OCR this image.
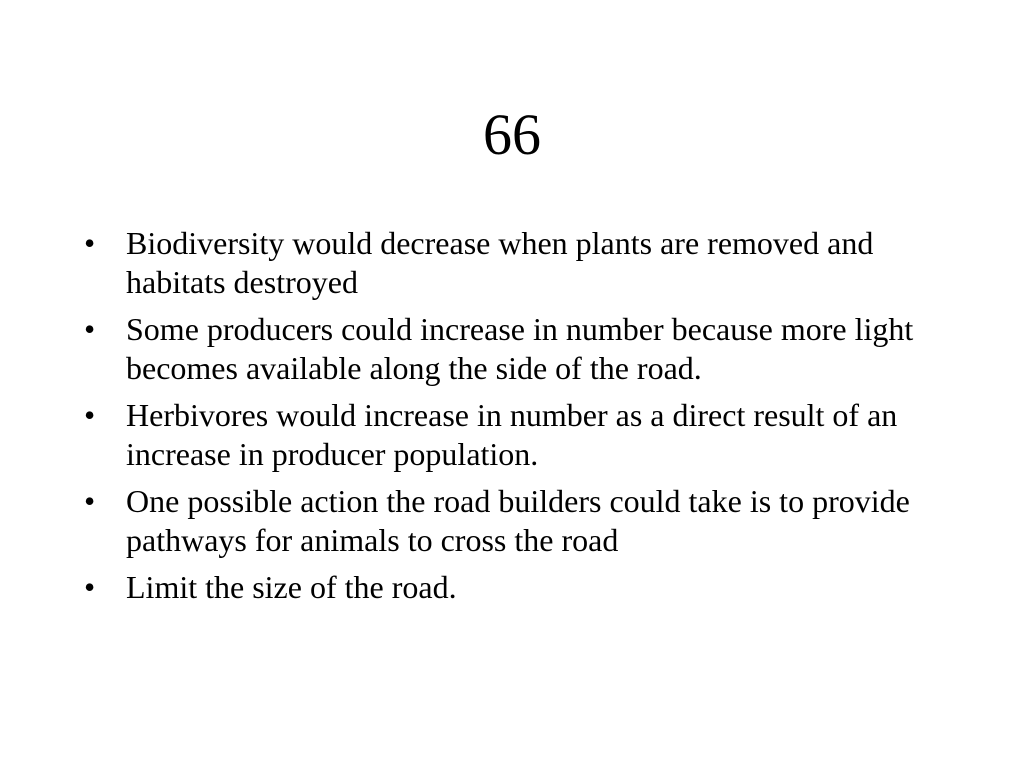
66
• Biodiversity would decrease when plants are removed and habitats destroyed
• Some producers could increase in number because more light becomes available along the side of the road.
• Herbivores would increase in number as a direct result of an increase in producer population.
• One possible action the road builders could take is to provide pathways for animals to cross the road
• Limit the size of the road.
